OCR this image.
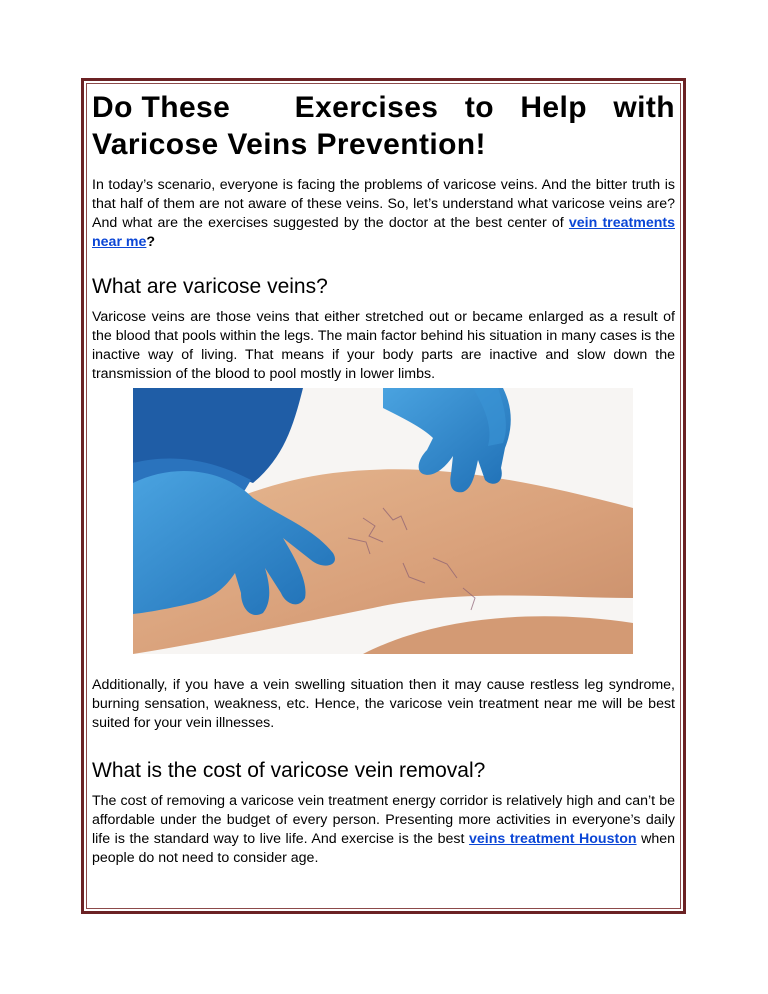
Do These Exercises to Help with
Varicose Veins Prevention!

In today’s scenario, everyone is facing the problems of varicose veins. And the bitter truth is that half of them are not aware of these veins. So, let’s understand what varicose veins are? And what are the exercises suggested by the doctor at the best center of vein treatments near me?

What are varicose veins?

Varicose veins are those veins that either stretched out or became enlarged as a result of the blood that pools within the legs. The main factor behind his situation in many cases is the inactive way of living. That means if your body parts are inactive and slow down the transmission of the blood to pool mostly in lower limbs.

Additionally, if you have a vein swelling situation then it may cause restless leg syndrome, burning sensation, weakness, etc. Hence, the varicose vein treatment near me will be best suited for your vein illnesses.

What is the cost of varicose vein removal?

The cost of removing a varicose vein treatment energy corridor is relatively high and can’t be affordable under the budget of every person. Presenting more activities in everyone’s daily life is the standard way to live life. And exercise is the best veins treatment Houston when people do not need to consider age.
